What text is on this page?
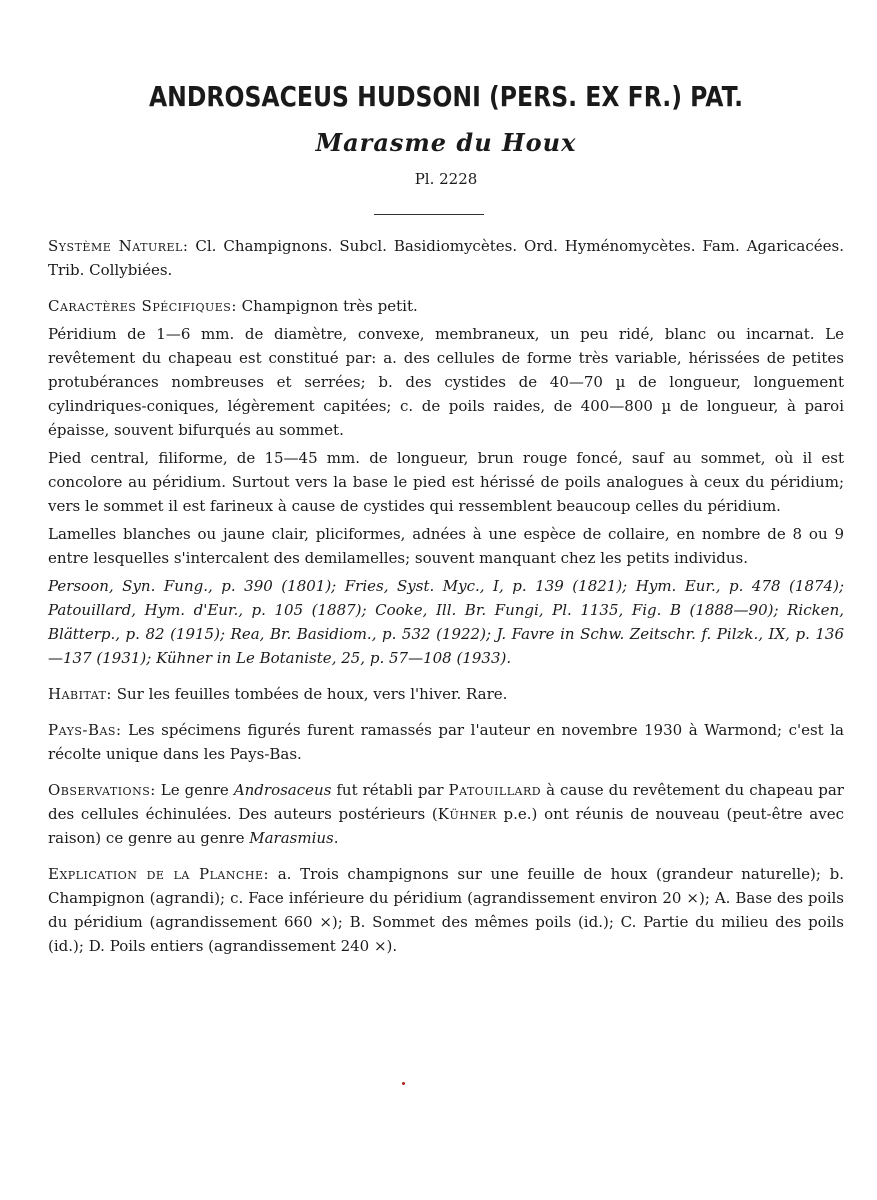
ANDROSACEUS HUDSONI (PERS. EX FR.) PAT.
Marasme du Houx

Pl. 2228

Système Naturel: Cl. Champignons. Subcl. Basidiomycètes. Ord. Hyménomycètes. Fam. Agaricacées. Trib. Collybiées.

Caractères Spécifiques: Champignon très petit.

Péridium de 1—6 mm. de diamètre, convexe, membraneux, un peu ridé, blanc ou incarnat. Le revêtement du chapeau est constitué par: a. des cellules de forme très variable, hérissées de petites protubérances nombreuses et serrées; b. des cystides de 40—70 µ de longueur, longuement cylindriques-coniques, légèrement capitées; c. de poils raides, de 400—800 µ de longueur, à paroi épaisse, souvent bifurqués au sommet.

Pied central, filiforme, de 15—45 mm. de longueur, brun rouge foncé, sauf au sommet, où il est concolore au péridium. Surtout vers la base le pied est hérissé de poils analogues à ceux du péridium; vers le sommet il est farineux à cause de cystides qui ressemblent beaucoup celles du péridium.

Lamelles blanches ou jaune clair, pliciformes, adnées à une espèce de collaire, en nombre de 8 ou 9 entre lesquelles s'intercalent des demilamelles; souvent manquant chez les petits individus.

Persoon, Syn. Fung., p. 390 (1801); Fries, Syst. Myc., I, p. 139 (1821); Hym. Eur., p. 478 (1874); Patouillard, Hym. d'Eur., p. 105 (1887); Cooke, Ill. Br. Fungi, Pl. 1135, Fig. B (1888—90); Ricken, Blätterp., p. 82 (1915); Rea, Br. Basidiom., p. 532 (1922); J. Favre in Schw. Zeitschr. f. Pilzk., IX, p. 136—137 (1931); Kühner in Le Botaniste, 25, p. 57—108 (1933).

Habitat: Sur les feuilles tombées de houx, vers l'hiver. Rare.

Pays-Bas: Les spécimens figurés furent ramassés par l'auteur en novembre 1930 à Warmond; c'est la récolte unique dans les Pays-Bas.

Observations: Le genre Androsaceus fut rétabli par Patouillard à cause du revêtement du chapeau par des cellules échinulées. Des auteurs postérieurs (Kühner p.e.) ont réunis de nouveau (peut-être avec raison) ce genre au genre Marasmius.

Explication de la Planche: a. Trois champignons sur une feuille de houx (grandeur naturelle); b. Champignon (agrandi); c. Face inférieure du péridium (agrandissement environ 20 ×); A. Base des poils du péridium (agrandissement 660 ×); B. Sommet des mêmes poils (id.); C. Partie du milieu des poils (id.); D. Poils entiers (agrandissement 240 ×).
